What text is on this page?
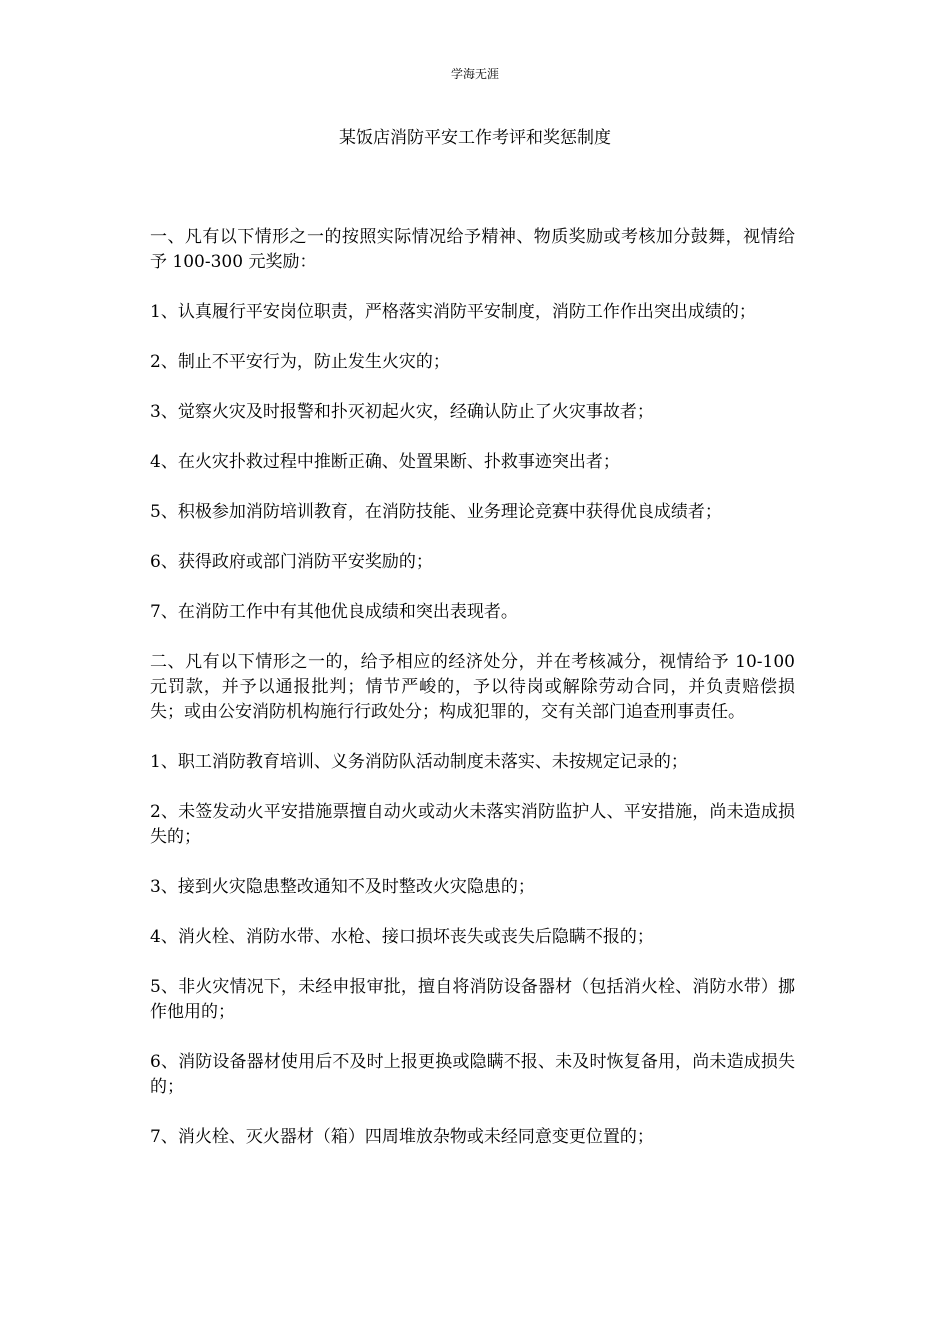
学海无涯
某饭店消防平安工作考评和奖惩制度

一、凡有以下情形之一的按照实际情况给予精神、物质奖励或考核加分鼓舞，视情给予 100-300 元奖励：

1、认真履行平安岗位职责，严格落实消防平安制度，消防工作作出突出成绩的；

2、制止不平安行为，防止发生火灾的；

3、觉察火灾及时报警和扑灭初起火灾，经确认防止了火灾事故者；

4、在火灾扑救过程中推断正确、处置果断、扑救事迹突出者；

5、积极参加消防培训教育，在消防技能、业务理论竞赛中获得优良成绩者；

6、获得政府或部门消防平安奖励的；

7、在消防工作中有其他优良成绩和突出表现者。

二、凡有以下情形之一的，给予相应的经济处分，并在考核减分，视情给予 10-100 元罚款，并予以通报批判；情节严峻的，予以待岗或解除劳动合同，并负责赔偿损失；或由公安消防机构施行行政处分；构成犯罪的，交有关部门追查刑事责任。

1、职工消防教育培训、义务消防队活动制度未落实、未按规定记录的；

2、未签发动火平安措施票擅自动火或动火未落实消防监护人、平安措施，尚未造成损失的；

3、接到火灾隐患整改通知不及时整改火灾隐患的；

4、消火栓、消防水带、水枪、接口损坏丧失或丧失后隐瞒不报的；

5、非火灾情况下，未经申报审批，擅自将消防设备器材（包括消火栓、消防水带）挪作他用的；

6、消防设备器材使用后不及时上报更换或隐瞒不报、未及时恢复备用，尚未造成损失的；

7、消火栓、灭火器材（箱）四周堆放杂物或未经同意变更位置的；
